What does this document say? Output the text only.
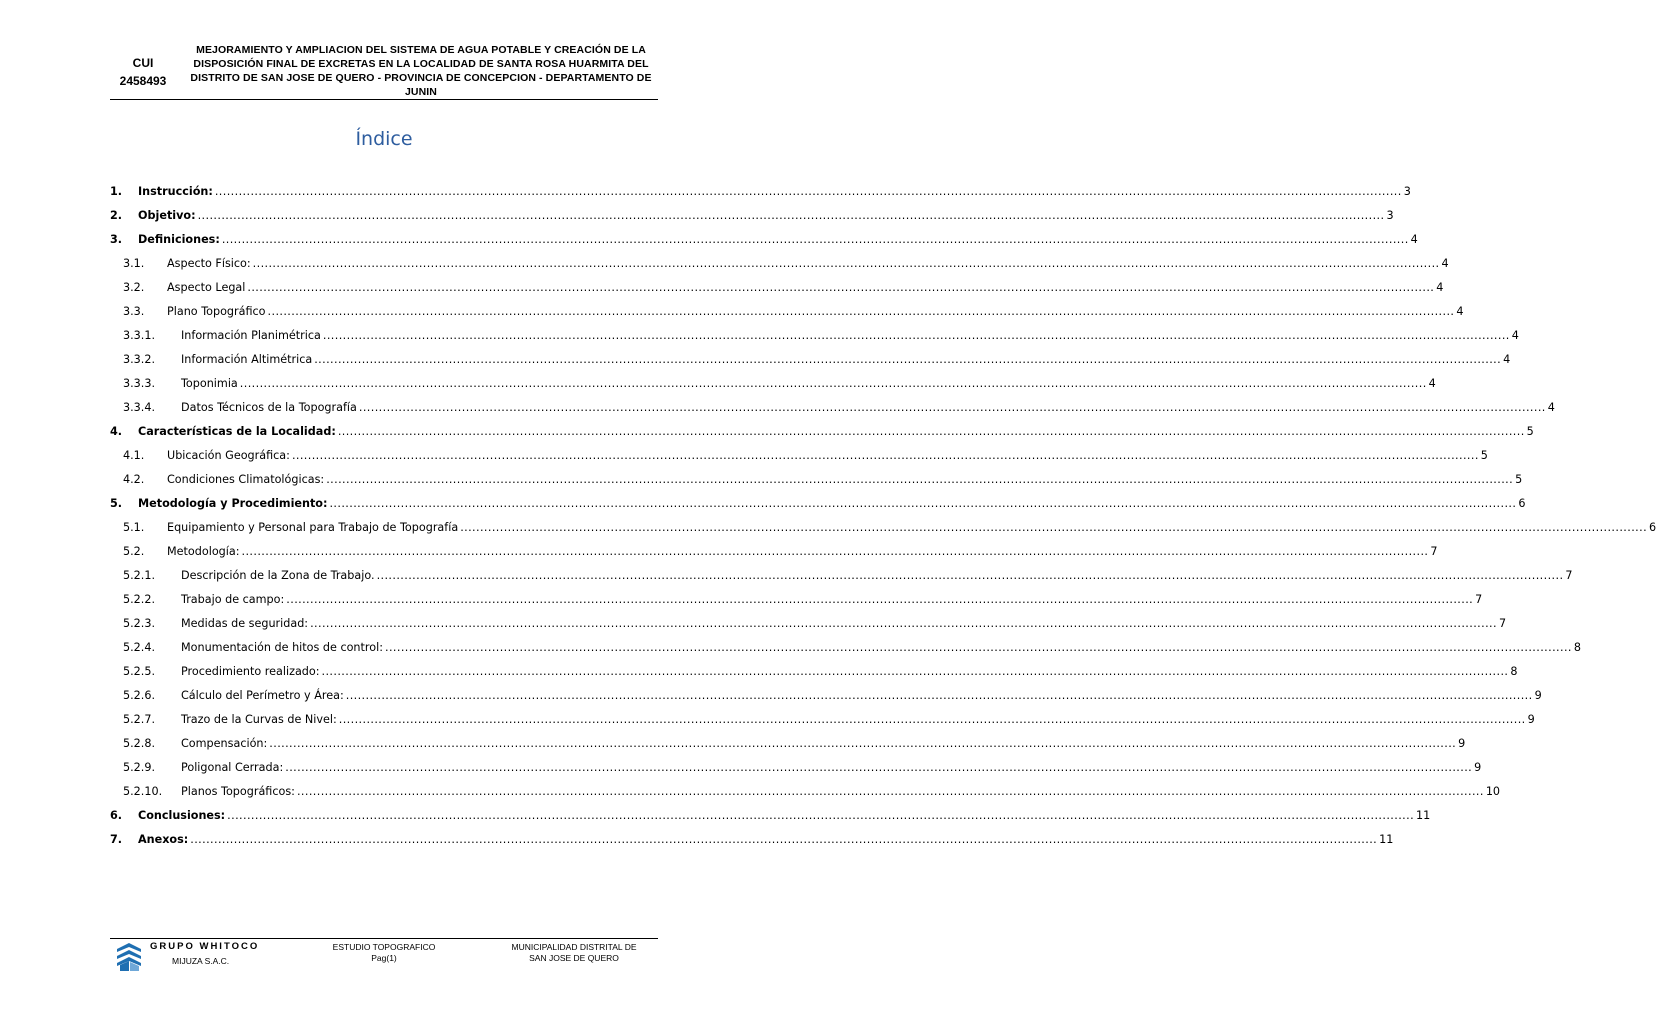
CUI
2458493
MEJORAMIENTO Y AMPLIACION DEL SISTEMA DE AGUA POTABLE Y CREACIÓN DE LA DISPOSICIÓN FINAL DE EXCRETAS EN LA LOCALIDAD DE SANTA ROSA HUARMITA DEL DISTRITO DE SAN JOSE DE QUERO - PROVINCIA DE CONCEPCION - DEPARTAMENTO DE JUNIN
Índice
1. Instrucción: ............................................................................................................................................................................................................................................................................................................ 3
2. Objetivo: ............................................................................................................................................................................................................................................................................................................ 3
3. Definiciones: ............................................................................................................................................................................................................................................................................................................ 4
3.1. Aspecto Físico: ............................................................................................................................................................................................................................................................................................................ 4
3.2. Aspecto Legal ............................................................................................................................................................................................................................................................................................................ 4
3.3. Plano Topográfico ............................................................................................................................................................................................................................................................................................................ 4
3.3.1. Información Planimétrica ............................................................................................................................................................................................................................................................................................................ 4
3.3.2. Información Altimétrica ............................................................................................................................................................................................................................................................................................................ 4
3.3.3. Toponimia ............................................................................................................................................................................................................................................................................................................ 4
3.3.4. Datos Técnicos de la Topografía ............................................................................................................................................................................................................................................................................................................ 4
4. Características de la Localidad: ............................................................................................................................................................................................................................................................................................................ 5
4.1. Ubicación Geográfica: ............................................................................................................................................................................................................................................................................................................ 5
4.2. Condiciones Climatológicas: ............................................................................................................................................................................................................................................................................................................ 5
5. Metodología y Procedimiento: ............................................................................................................................................................................................................................................................................................................ 6
5.1. Equipamiento y Personal para Trabajo de Topografía ............................................................................................................................................................................................................................................................................................................ 6
5.2. Metodología: ............................................................................................................................................................................................................................................................................................................ 7
5.2.1. Descripción de la Zona de Trabajo. ............................................................................................................................................................................................................................................................................................................ 7
5.2.2. Trabajo de campo: ............................................................................................................................................................................................................................................................................................................ 7
5.2.3. Medidas de seguridad: ............................................................................................................................................................................................................................................................................................................ 7
5.2.4. Monumentación de hitos de control: ............................................................................................................................................................................................................................................................................................................ 8
5.2.5. Procedimiento realizado: ............................................................................................................................................................................................................................................................................................................ 8
5.2.6. Cálculo del Perímetro y Área: ............................................................................................................................................................................................................................................................................................................ 9
5.2.7. Trazo de la Curvas de Nivel: ............................................................................................................................................................................................................................................................................................................ 9
5.2.8. Compensación: ............................................................................................................................................................................................................................................................................................................ 9
5.2.9. Poligonal Cerrada: ............................................................................................................................................................................................................................................................................................................ 9
5.2.10. Planos Topográficos: ............................................................................................................................................................................................................................................................................................................ 10
6. Conclusiones: ............................................................................................................................................................................................................................................................................................................ 11
7. Anexos: ............................................................................................................................................................................................................................................................................................................ 11
GRUPO WHITOCO
MIJUZA S.A.C.
ESTUDIO TOPOGRAFICO
Pag(1)
MUNICIPALIDAD DISTRITAL DE
SAN JOSE DE QUERO
